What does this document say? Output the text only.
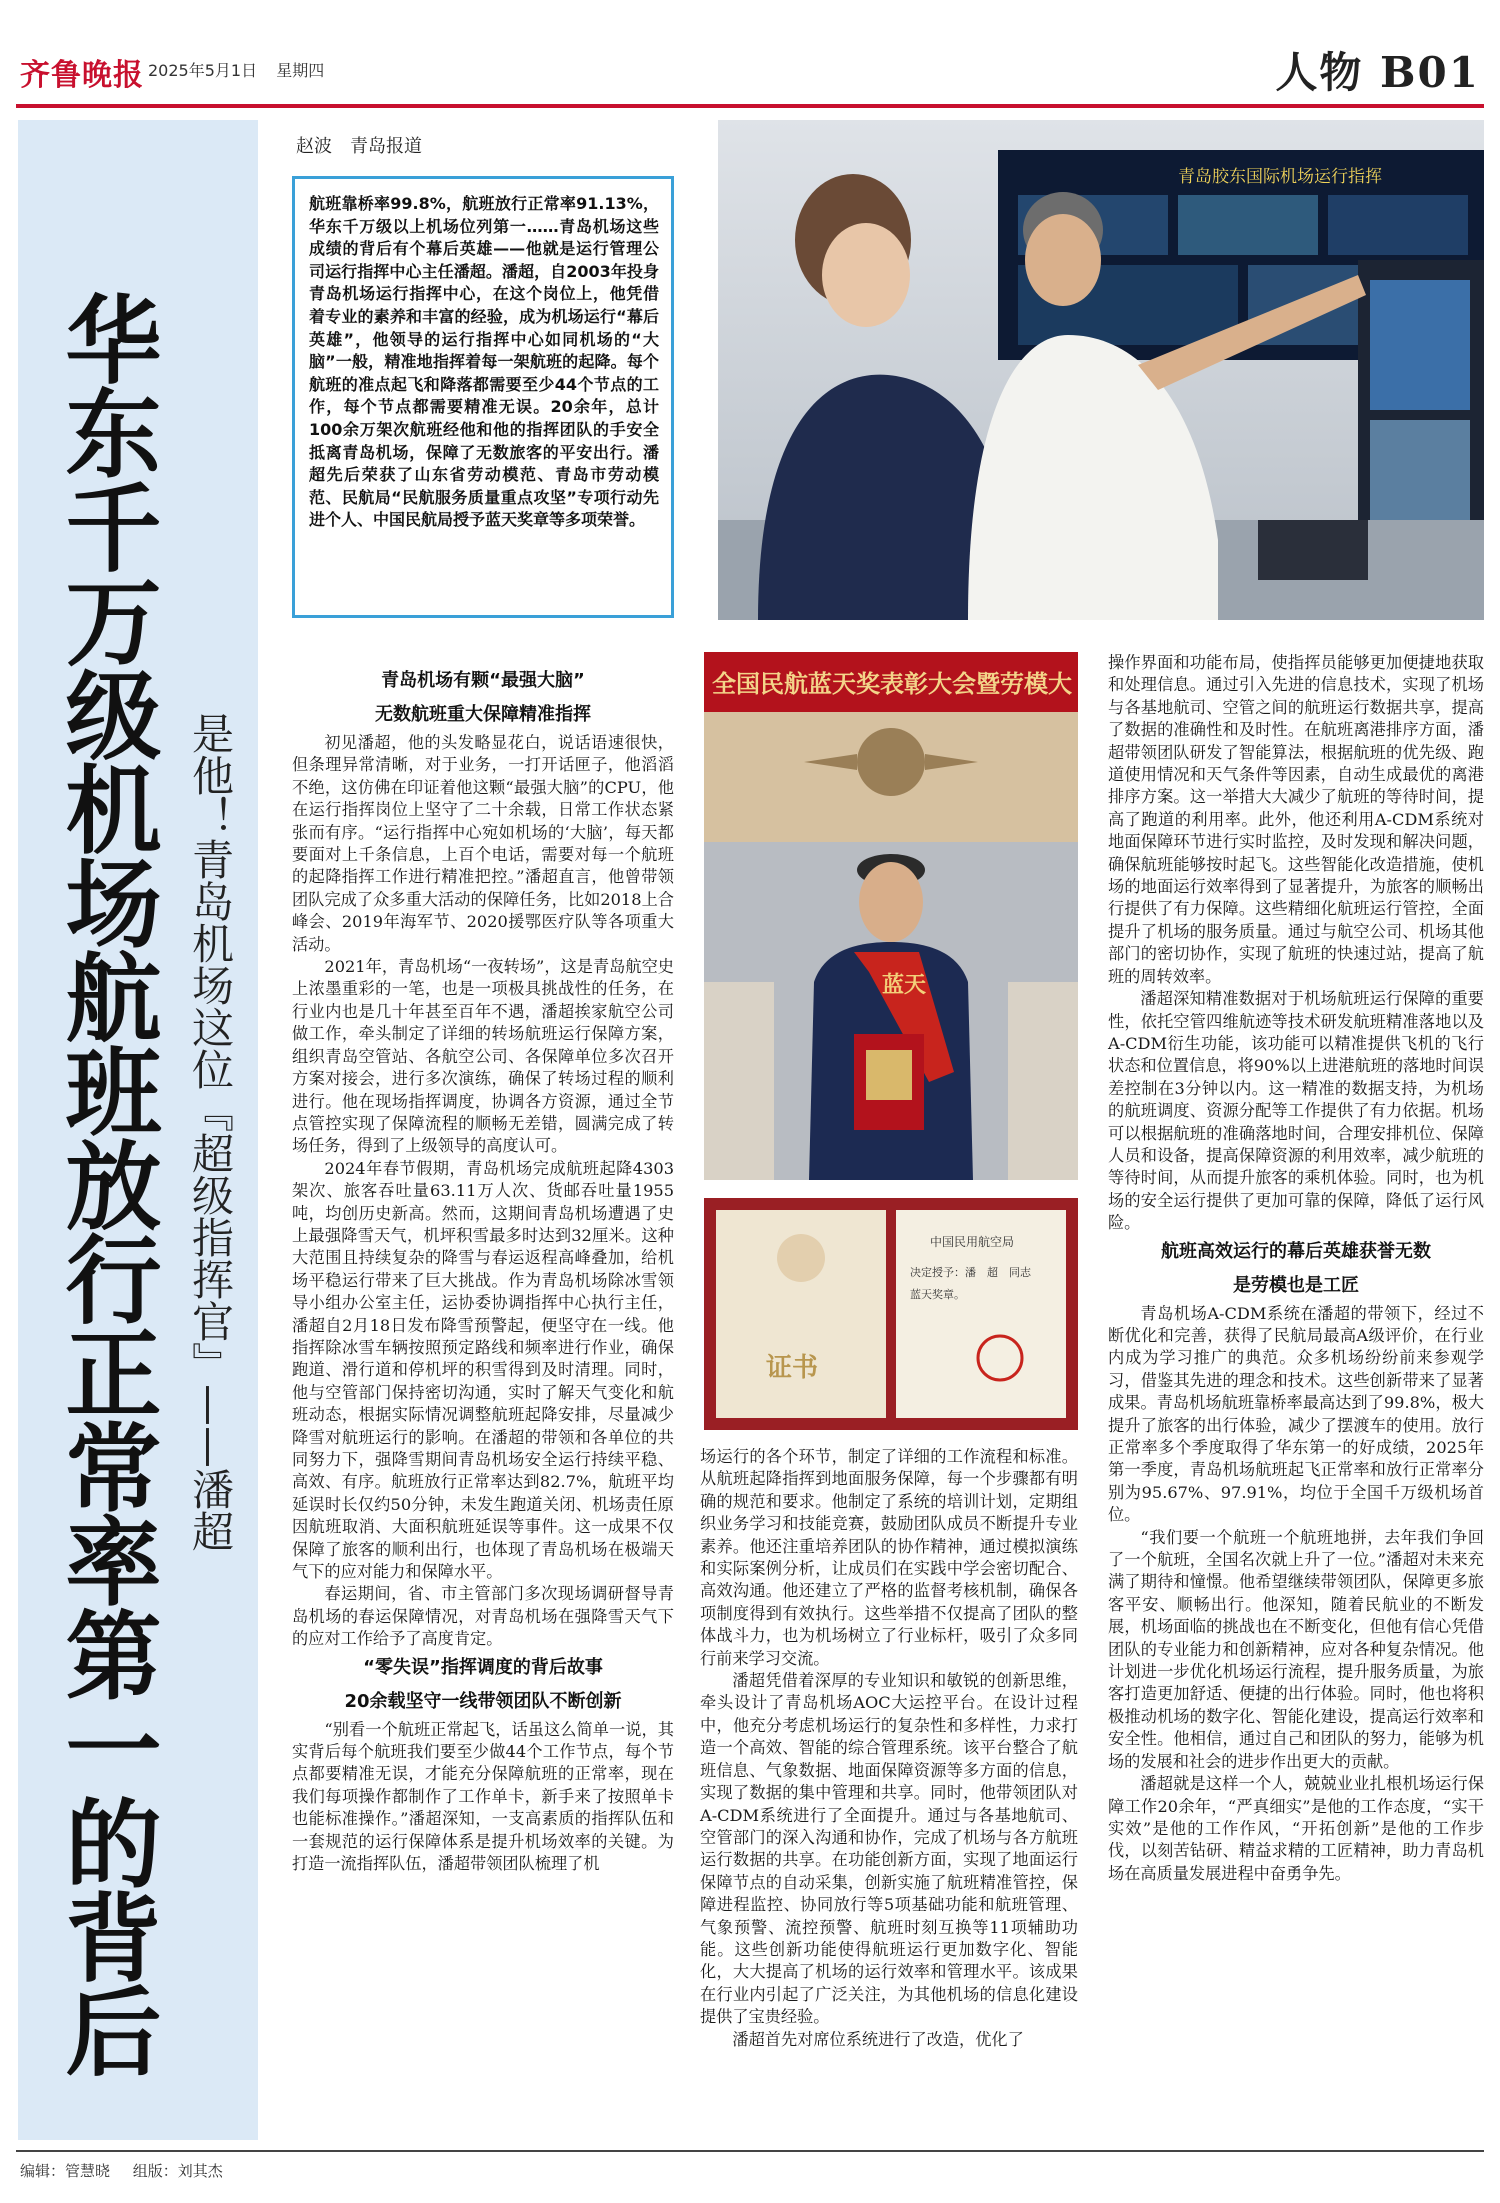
齐鲁晚报 2025年5月1日 星期四	人物 B01
华东千万级机场航班放行正常率第一的背后 是他！青岛机场这位『超级指挥官』——潘超
赵波　青岛报道

航班靠桥率99.8%，航班放行正常率91.13%，华东千万级以上机场位列第一……青岛机场这些成绩的背后有个幕后英雄——他就是运行管理公司运行指挥中心主任潘超。潘超，自2003年投身青岛机场运行指挥中心，在这个岗位上，他凭借着专业的素养和丰富的经验，成为机场运行“幕后英雄”，他领导的运行指挥中心如同机场的“大脑”一般，精准地指挥着每一架航班的起降。每个航班的准点起飞和降落都需要至少44个节点的工作，每个节点都需要精准无误。20余年，总计100余万架次航班经他和他的指挥团队的手安全抵离青岛机场，保障了无数旅客的平安出行。潘超先后荣获了山东省劳动模范、青岛市劳动模范、民航局“民航服务质量重点攻坚”专项行动先进个人、中国民航局授予蓝天奖章等多项荣誉。

青岛胶东国际机场运行指挥
全国民航蓝天奖表彰大会暨劳模大
蓝天
证书
中国民用航空局
决定授予：潘　超　同志
蓝天奖章。
青岛机场有颗“最强大脑”
无数航班重大保障精准指挥

初见潘超，他的头发略显花白，说话语速很快，但条理异常清晰，对于业务，一打开话匣子，他滔滔不绝，这仿佛在印证着他这颗“最强大脑”的CPU，他在运行指挥岗位上坚守了二十余载，日常工作状态紧张而有序。“运行指挥中心宛如机场的‘大脑’，每天都要面对上千条信息，上百个电话，需要对每一个航班的起降指挥工作进行精准把控。”潘超直言，他曾带领团队完成了众多重大活动的保障任务，比如2018上合峰会、2019年海军节、2020援鄂医疗队等各项重大活动。

2021年，青岛机场“一夜转场”，这是青岛航空史上浓墨重彩的一笔，也是一项极具挑战性的任务，在行业内也是几十年甚至百年不遇，潘超挨家航空公司做工作，牵头制定了详细的转场航班运行保障方案，组织青岛空管站、各航空公司、各保障单位多次召开方案对接会，进行多次演练，确保了转场过程的顺利进行。他在现场指挥调度，协调各方资源，通过全节点管控实现了保障流程的顺畅无差错，圆满完成了转场任务，得到了上级领导的高度认可。

2024年春节假期，青岛机场完成航班起降4303架次、旅客吞吐量63.11万人次、货邮吞吐量1955吨，均创历史新高。然而，这期间青岛机场遭遇了史上最强降雪天气，机坪积雪最多时达到32厘米。这种大范围且持续复杂的降雪与春运返程高峰叠加，给机场平稳运行带来了巨大挑战。作为青岛机场除冰雪领导小组办公室主任，运协委协调指挥中心执行主任，潘超自2月18日发布降雪预警起，便坚守在一线。他指挥除冰雪车辆按照预定路线和频率进行作业，确保跑道、滑行道和停机坪的积雪得到及时清理。同时，他与空管部门保持密切沟通，实时了解天气变化和航班动态，根据实际情况调整航班起降安排，尽量减少降雪对航班运行的影响。在潘超的带领和各单位的共同努力下，强降雪期间青岛机场安全运行持续平稳、高效、有序。航班放行正常率达到82.7%，航班平均延误时长仅约50分钟，未发生跑道关闭、机场责任原因航班取消、大面积航班延误等事件。这一成果不仅保障了旅客的顺利出行，也体现了青岛机场在极端天气下的应对能力和保障水平。

春运期间，省、市主管部门多次现场调研督导青岛机场的春运保障情况，对青岛机场在强降雪天气下的应对工作给予了高度肯定。

“零失误”指挥调度的背后故事
20余载坚守一线带领团队不断创新

“别看一个航班正常起飞，话虽这么简单一说，其实背后每个航班我们要至少做44个工作节点，每个节点都要精准无误，才能充分保障航班的正常率，现在我们每项操作都制作了工作单卡，新手来了按照单卡也能标准操作。”潘超深知，一支高素质的指挥队伍和一套规范的运行保障体系是提升机场效率的关键。为打造一流指挥队伍，潘超带领团队梳理了机

场运行的各个环节，制定了详细的工作流程和标准。从航班起降指挥到地面服务保障，每一个步骤都有明确的规范和要求。他制定了系统的培训计划，定期组织业务学习和技能竞赛，鼓励团队成员不断提升专业素养。他还注重培养团队的协作精神，通过模拟演练和实际案例分析，让成员们在实践中学会密切配合、高效沟通。他还建立了严格的监督考核机制，确保各项制度得到有效执行。这些举措不仅提高了团队的整体战斗力，也为机场树立了行业标杆，吸引了众多同行前来学习交流。

潘超凭借着深厚的专业知识和敏锐的创新思维，牵头设计了青岛机场AOC大运控平台。在设计过程中，他充分考虑机场运行的复杂性和多样性，力求打造一个高效、智能的综合管理系统。该平台整合了航班信息、气象数据、地面保障资源等多方面的信息，实现了数据的集中管理和共享。同时，他带领团队对A-CDM系统进行了全面提升。通过与各基地航司、空管部门的深入沟通和协作，完成了机场与各方航班运行数据的共享。在功能创新方面，实现了地面运行保障节点的自动采集，创新实施了航班精准管控，保障进程监控、协同放行等5项基础功能和航班管理、气象预警、流控预警、航班时刻互换等11项辅助功能。这些创新功能使得航班运行更加数字化、智能化，大大提高了机场的运行效率和管理水平。该成果在行业内引起了广泛关注，为其他机场的信息化建设提供了宝贵经验。

潘超首先对席位系统进行了改造，优化了

操作界面和功能布局，使指挥员能够更加便捷地获取和处理信息。通过引入先进的信息技术，实现了机场与各基地航司、空管之间的航班运行数据共享，提高了数据的准确性和及时性。在航班离港排序方面，潘超带领团队研发了智能算法，根据航班的优先级、跑道使用情况和天气条件等因素，自动生成最优的离港排序方案。这一举措大大减少了航班的等待时间，提高了跑道的利用率。此外，他还利用A-CDM系统对地面保障环节进行实时监控，及时发现和解决问题，确保航班能够按时起飞。这些智能化改造措施，使机场的地面运行效率得到了显著提升，为旅客的顺畅出行提供了有力保障。这些精细化航班运行管控，全面提升了机场的服务质量。通过与航空公司、机场其他部门的密切协作，实现了航班的快速过站，提高了航班的周转效率。

潘超深知精准数据对于机场航班运行保障的重要性，依托空管四维航迹等技术研发航班精准落地以及A-CDM衍生功能，该功能可以精准提供飞机的飞行状态和位置信息，将90%以上进港航班的落地时间误差控制在3分钟以内。这一精准的数据支持，为机场的航班调度、资源分配等工作提供了有力依据。机场可以根据航班的准确落地时间，合理安排机位、保障人员和设备，提高保障资源的利用效率，减少航班的等待时间，从而提升旅客的乘机体验。同时，也为机场的安全运行提供了更加可靠的保障，降低了运行风险。

航班高效运行的幕后英雄获誉无数
是劳模也是工匠

青岛机场A-CDM系统在潘超的带领下，经过不断优化和完善，获得了民航局最高A级评价，在行业内成为学习推广的典范。众多机场纷纷前来参观学习，借鉴其先进的理念和技术。这些创新带来了显著成果。青岛机场航班靠桥率最高达到了99.8%，极大提升了旅客的出行体验，减少了摆渡车的使用。放行正常率多个季度取得了华东第一的好成绩，2025年第一季度，青岛机场航班起飞正常率和放行正常率分别为95.67%、97.91%，均位于全国千万级机场首位。

“我们要一个航班一个航班地拼，去年我们争回了一个航班，全国名次就上升了一位。”潘超对未来充满了期待和憧憬。他希望继续带领团队，保障更多旅客平安、顺畅出行。他深知，随着民航业的不断发展，机场面临的挑战也在不断变化，但他有信心凭借团队的专业能力和创新精神，应对各种复杂情况。他计划进一步优化机场运行流程，提升服务质量，为旅客打造更加舒适、便捷的出行体验。同时，他也将积极推动机场的数字化、智能化建设，提高运行效率和安全性。他相信，通过自己和团队的努力，能够为机场的发展和社会的进步作出更大的贡献。

潘超就是这样一个人，兢兢业业扎根机场运行保障工作20余年，“严真细实”是他的工作态度，“实干实效”是他的工作作风，“开拓创新”是他的工作步伐，以刻苦钻研、精益求精的工匠精神，助力青岛机场在高质量发展进程中奋勇争先。

编辑：管慧晓 组版：刘其杰
